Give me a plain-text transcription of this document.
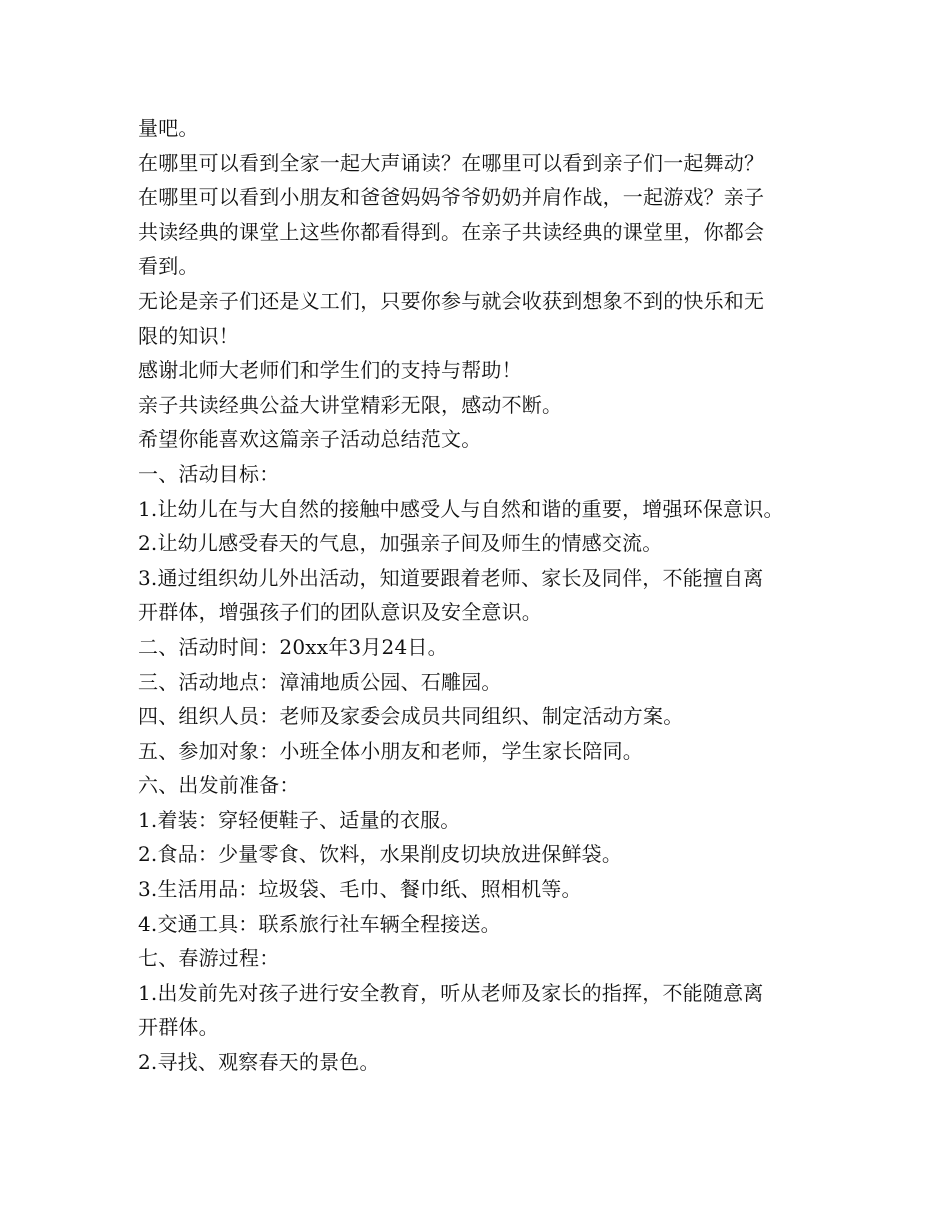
量吧。
在哪里可以看到全家一起大声诵读？在哪里可以看到亲子们一起舞动？
在哪里可以看到小朋友和爸爸妈妈爷爷奶奶并肩作战，一起游戏？亲子
共读经典的课堂上这些你都看得到。在亲子共读经典的课堂里，你都会
看到。
无论是亲子们还是义工们，只要你参与就会收获到想象不到的快乐和无
限的知识！
感谢北师大老师们和学生们的支持与帮助！
亲子共读经典公益大讲堂精彩无限，感动不断。
希望你能喜欢这篇亲子活动总结范文。
一、活动目标：
1.让幼儿在与大自然的接触中感受人与自然和谐的重要，增强环保意识。
2.让幼儿感受春天的气息，加强亲子间及师生的情感交流。
3.通过组织幼儿外出活动，知道要跟着老师、家长及同伴，不能擅自离
开群体，增强孩子们的团队意识及安全意识。
二、活动时间：20xx年3月24日。
三、活动地点：漳浦地质公园、石雕园。
四、组织人员：老师及家委会成员共同组织、制定活动方案。
五、参加对象：小班全体小朋友和老师，学生家长陪同。
六、出发前准备：
1.着装：穿轻便鞋子、适量的衣服。
2.食品：少量零食、饮料，水果削皮切块放进保鲜袋。
3.生活用品：垃圾袋、毛巾、餐巾纸、照相机等。
4.交通工具：联系旅行社车辆全程接送。
七、春游过程：
1.出发前先对孩子进行安全教育，听从老师及家长的指挥，不能随意离
开群体。
2.寻找、观察春天的景色。
